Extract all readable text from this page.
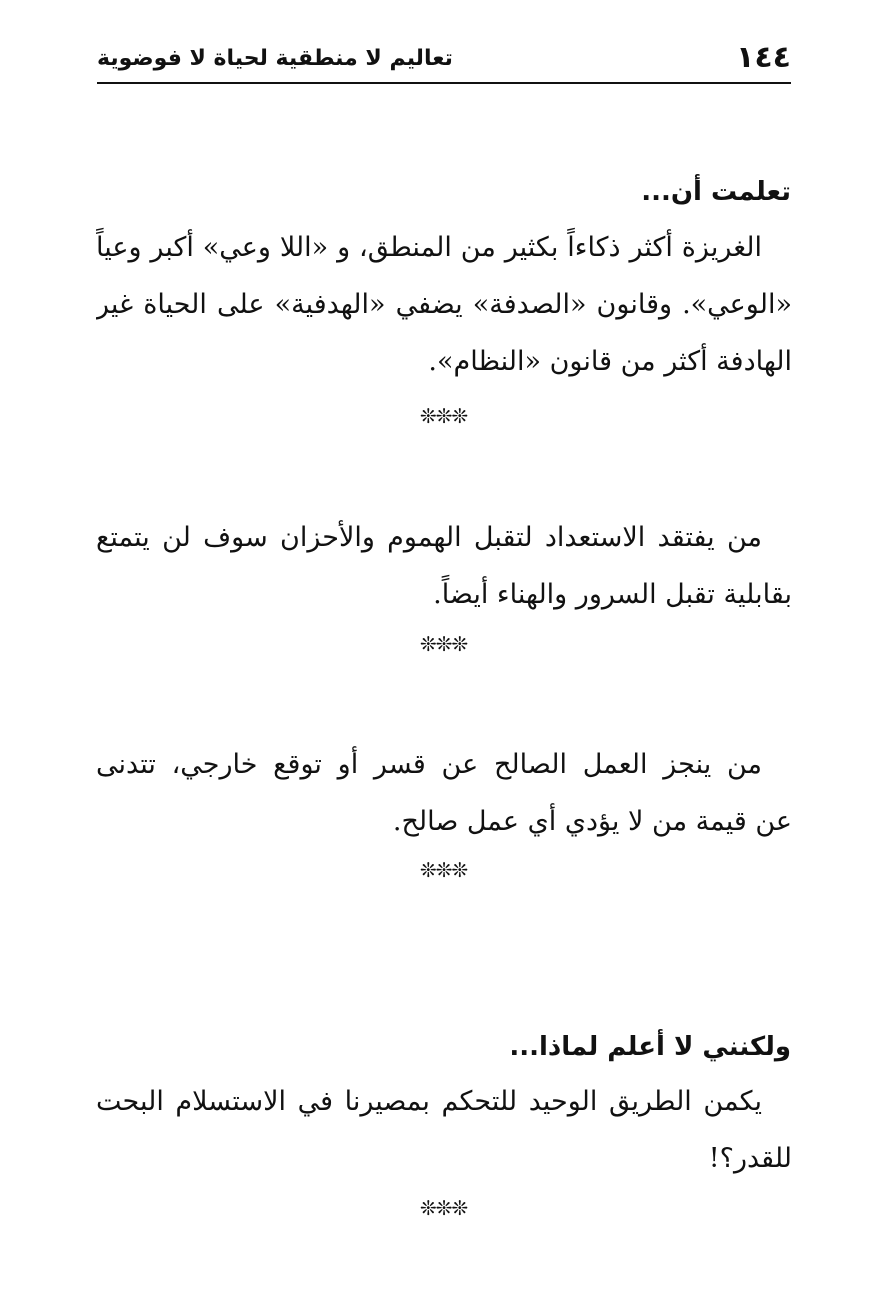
١٤٤
تعاليم لا منطقية لحياة لا فوضوية
تعلمت أن...

الغريزة أكثر ذكاءاً بكثير من المنطق، و «اللا وعي» أكبر وعياً
«الوعي». وقانون «الصدفة» يضفي «الهدفية» على الحياة غير
الهادفة أكثر من قانون «النظام».

❊❊❊

من يفتقد الاستعداد لتقبل الهموم والأحزان سوف لن يتمتع
بقابلية تقبل السرور والهناء أيضاً.

❊❊❊

من ينجز العمل الصالح عن قسر أو توقع خارجي، تتدنى
عن قيمة من لا يؤدي أي عمل صالح.

❊❊❊
ولكنني لا أعلم لماذا...

يكمن الطريق الوحيد للتحكم بمصيرنا في الاستسلام البحت
للقدر؟!

❊❊❊
